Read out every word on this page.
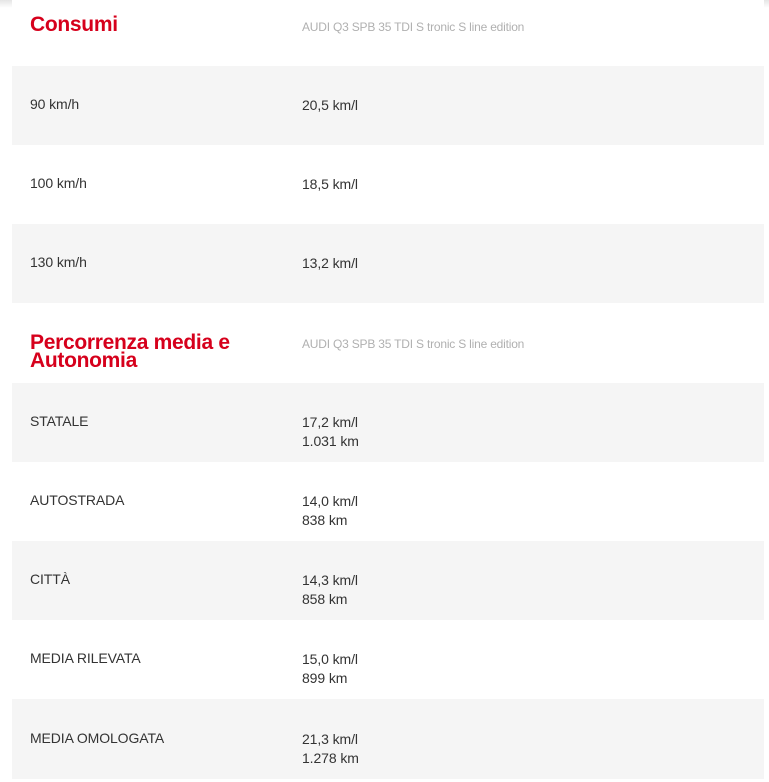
Consumi	AUDI Q3 SPB 35 TDI S tronic S line edition
90 km/h	20,5 km/l
100 km/h	18,5 km/l
130 km/h	13,2 km/l
Percorrenza media e Autonomia
AUDI Q3 SPB 35 TDI S tronic S line edition
STATALE	17,2 km/l
1.031 km
AUTOSTRADA	14,0 km/l
838 km
CITTÀ	14,3 km/l
858 km
MEDIA RILEVATA	15,0 km/l
899 km
MEDIA OMOLOGATA	21,3 km/l
1.278 km
